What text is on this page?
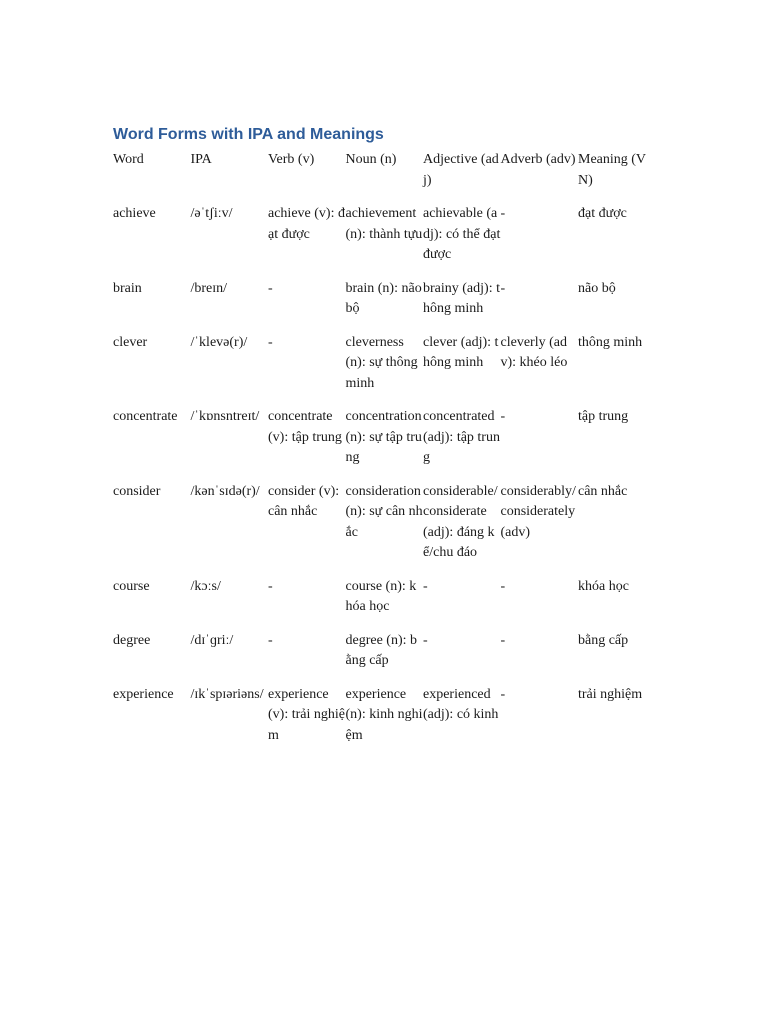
Word Forms with IPA and Meanings
Word	IPA	Verb (v)	Noun (n)	Adjective (adj)	Adverb (adv)	Meaning (VN)
achieve	/əˈtʃiːv/	achieve (v): đạt được	achievement (n): thành tựu	achievable (adj): có thể đạt được	-	đạt được
brain	/breɪn/	-	brain (n): não bộ	brainy (adj): thông minh	-	não bộ
clever	/ˈklevə(r)/	-	cleverness (n): sự thông minh	clever (adj): thông minh	cleverly (adv): khéo léo	thông minh
concentrate	/ˈkɒnsntreɪt/	concentrate (v): tập trung	concentration (n): sự tập trung	concentrated (adj): tập trung	-	tập trung
consider	/kənˈsɪdə(r)/	consider (v): cân nhắc	consideration (n): sự cân nhắc	considerable/considerate (adj): đáng kể/chu đáo	considerably/considerately (adv)	cân nhắc
course	/kɔːs/	-	course (n): khóa học	-	-	khóa học
degree	/dɪˈɡriː/	-	degree (n): bằng cấp	-	-	bằng cấp
experience	/ɪkˈspɪəriəns/	experience (v): trải nghiệm	experience (n): kinh nghiệm	experienced (adj): có kinh	-	trải nghiệm
